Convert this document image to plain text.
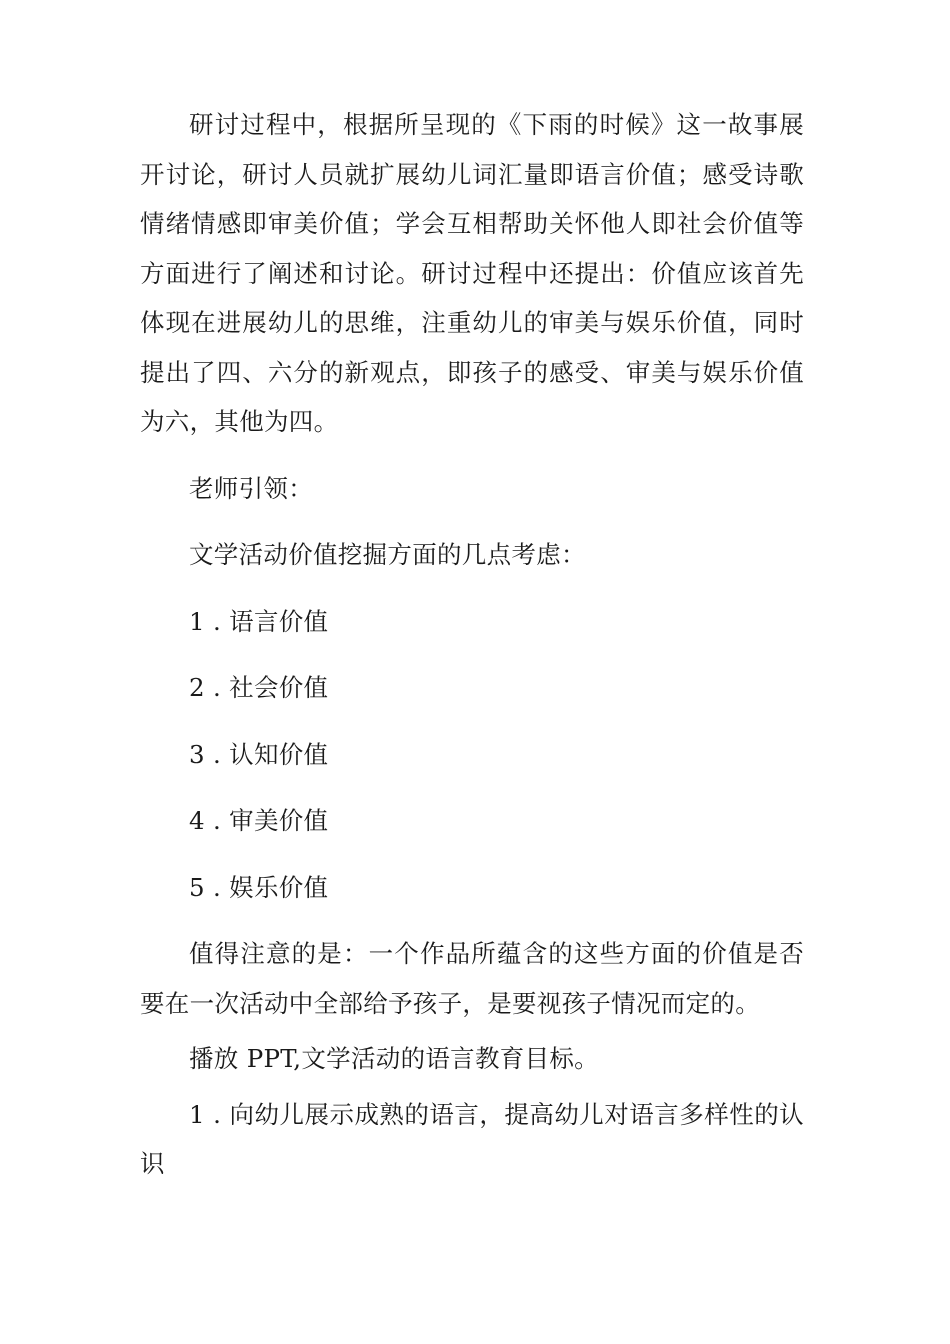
研讨过程中，根据所呈现的《下雨的时候》这一故事展开讨论，研讨人员就扩展幼儿词汇量即语言价值；感受诗歌情绪情感即审美价值；学会互相帮助关怀他人即社会价值等方面进行了阐述和讨论。研讨过程中还提出：价值应该首先体现在进展幼儿的思维，注重幼儿的审美与娱乐价值，同时提出了四、六分的新观点，即孩子的感受、审美与娱乐价值为六，其他为四。

老师引领：

文学活动价值挖掘方面的几点考虑：

1 . 语言价值

2 . 社会价值

3 . 认知价值

4 . 审美价值

5 . 娱乐价值

值得注意的是：一个作品所蕴含的这些方面的价值是否要在一次活动中全部给予孩子，是要视孩子情况而定的。

播放 PPT,文学活动的语言教育目标。

1 . 向幼儿展示成熟的语言，提高幼儿对语言多样性的认识
